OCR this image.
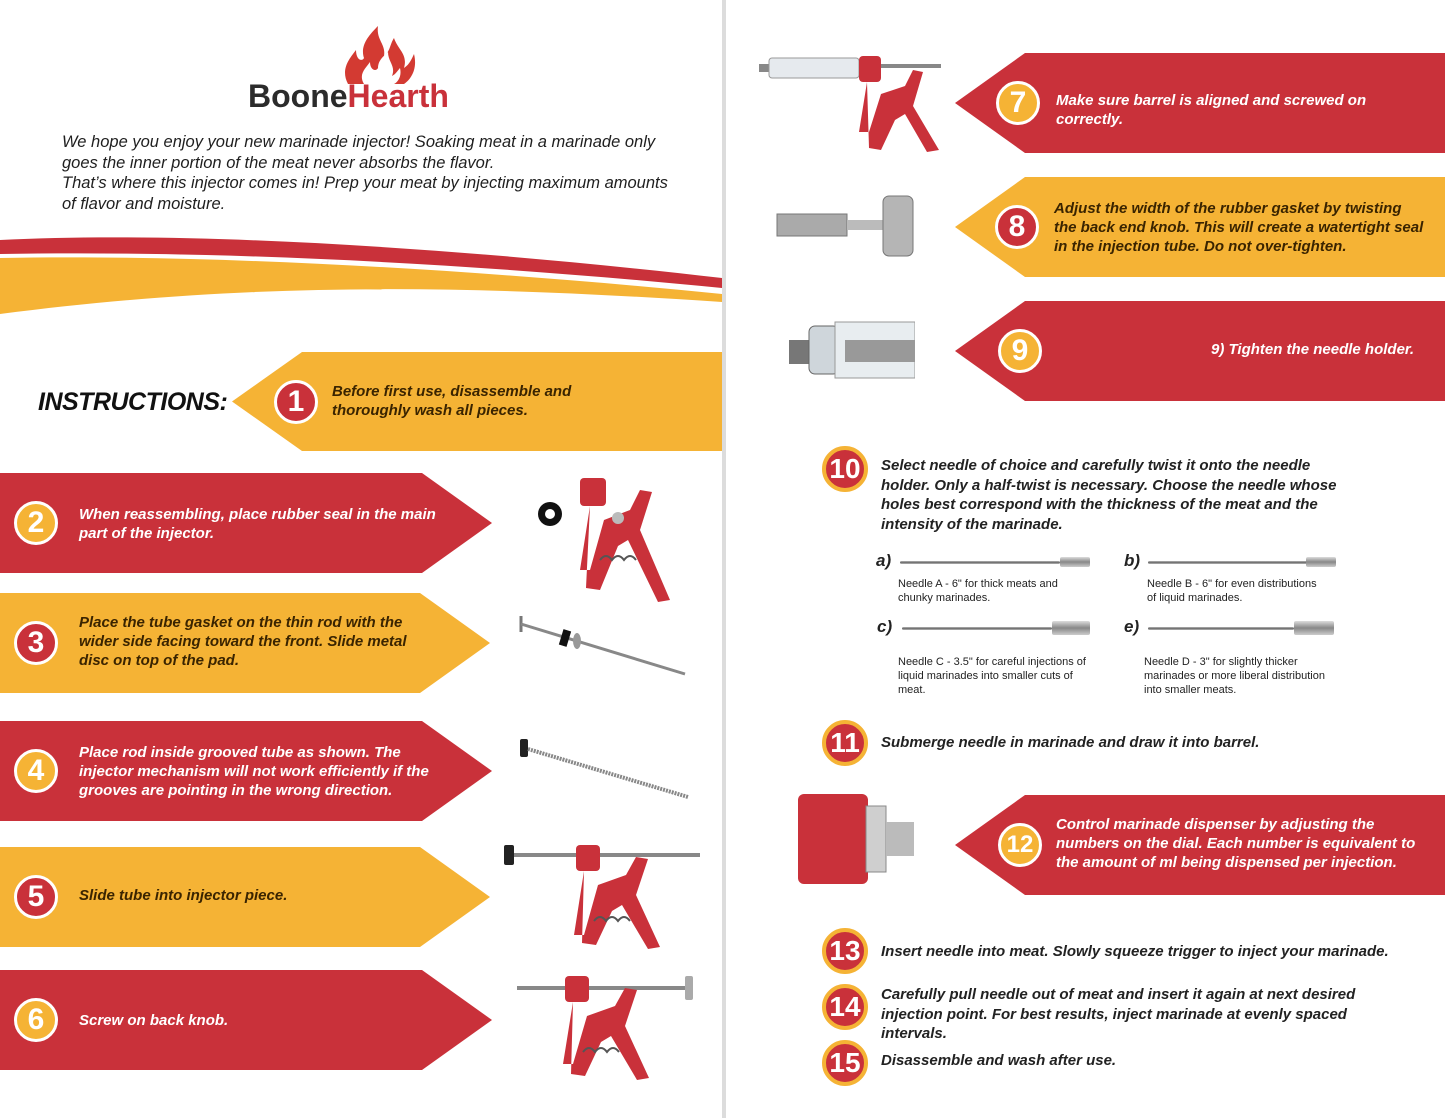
BooneHearth

We hope you enjoy your new marinade injector! Soaking meat in a marinade only goes the inner portion of the meat never absorbs the flavor.

That’s where this injector comes in! Prep your meat by injecting maximum amounts of flavor and moisture.

INSTRUCTIONS:	1	Before first use, disassemble and thoroughly wash all pieces.
2	When reassembling, place rubber seal in the main part of the injector.
3
Place the tube gasket on the thin rod with the wider side facing toward the front. Slide metal disc on top of the pad.
4
Place rod inside grooved tube as shown. The injector mechanism will not work efficiently if the grooves are pointing in the wrong direction.
5	Slide tube into injector piece.
6	Screw on back knob.
7	Make sure barrel is aligned and screwed on correctly.
8
Adjust the width of the rubber gasket by twisting the back end knob. This will create a watertight seal in the injection tube. Do not over-tighten.
9	9) Tighten the needle holder.
10	Select needle of choice and carefully twist it onto the needle holder. Only a half-twist is necessary. Choose the needle whose holes best correspond with the thickness of the meat and the intensity of the marinade.
a)
Needle A - 6" for thick meats and chunky marinades.
b)
Needle B - 6" for even distributions of liquid marinades.
c)
Needle C - 3.5" for careful injections of liquid marinades into smaller cuts of meat.
e)
Needle D - 3" for slightly thicker marinades or more liberal distribution into smaller meats.
11	Submerge needle in marinade and draw it into barrel.
12
Control marinade dispenser by adjusting the numbers on the dial. Each number is equivalent to the amount of ml being dispensed per injection.
13	Insert needle into meat. Slowly squeeze trigger to inject your marinade.
14	Carefully pull needle out of meat and insert it again at next desired injection point. For best results, inject marinade at evenly spaced intervals.
15	Disassemble and wash after use.
